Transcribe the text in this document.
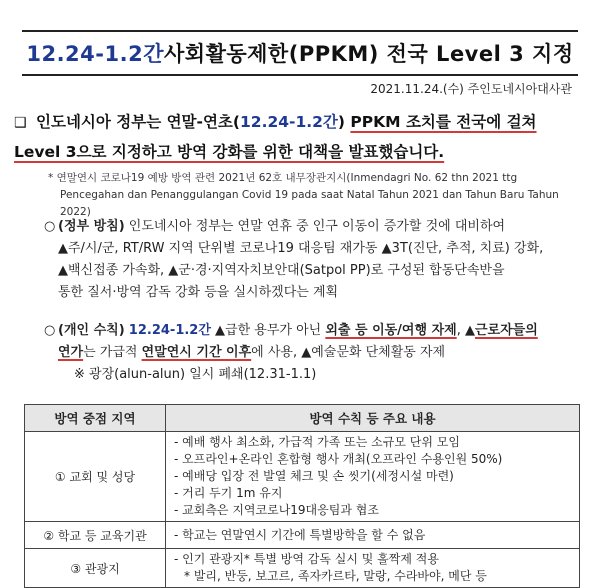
12.24-1.2간 사회활동제한(PPKM) 전국 Level 3 지정
2021.11.24.(수) 주인도네시아대사관
❑ 인도네시아 정부는 연말-연초(12.24-1.2간) PPKM 조치를 전국에 걸쳐
Level 3으로 지정하고 방역 강화를 위한 대책을 발표했습니다.
* 연말연시 코로나19 예방 방역 관련 2021년 62호 내무장관지시(Inmendagri No. 62 thn 2021 ttg
Pencegahan dan Penanggulangan Covid 19 pada saat Natal Tahun 2021 dan Tahun Baru Tahun 2022)
○ (정부 방침) 인도네시아 정부는 연말 연휴 중 인구 이동이 증가할 것에 대비하여
▲주/시/군, RT/RW 지역 단위별 코로나19 대응팀 재가동 ▲3T(진단, 추적, 치료) 강화,
▲백신접종 가속화, ▲군·경·지역자치보안대(Satpol PP)로 구성된 합동단속반을
통한 질서·방역 감독 강화 등을 실시하겠다는 계획
○ (개인 수칙) 12.24-1.2간 ▲급한 용무가 아닌 외출 등 이동/여행 자제, ▲근로자들의
연가는 가급적 연말연시 기간 이후에 사용, ▲예술문화 단체활동 자제
※ 광장(alun-alun) 일시 폐쇄(12.31-1.1)
방역 중점 지역	방역 수칙 등 주요 내용
① 교회 및 성당	- 예배 행사 최소화, 가급적 가족 또는 소규모 단위 모임
- 오프라인+온라인 혼합형 행사 개최(오프라인 수용인원 50%)
- 예배당 입장 전 발열 체크 및 손 씻기(세정시설 마련)
- 거리 두기 1m 유지
- 교회측은 지역코로나19대응팀과 협조

② 학교 등 교육기관	- 학교는 연말연시 기간에 특별방학을 할 수 없음

③ 관광지	- 인기 관광지* 특별 방역 감독 실시 및 홀짝제 적용
* 발리, 반둥, 보고르, 족자카르타, 말랑, 수라바야, 메단 등
